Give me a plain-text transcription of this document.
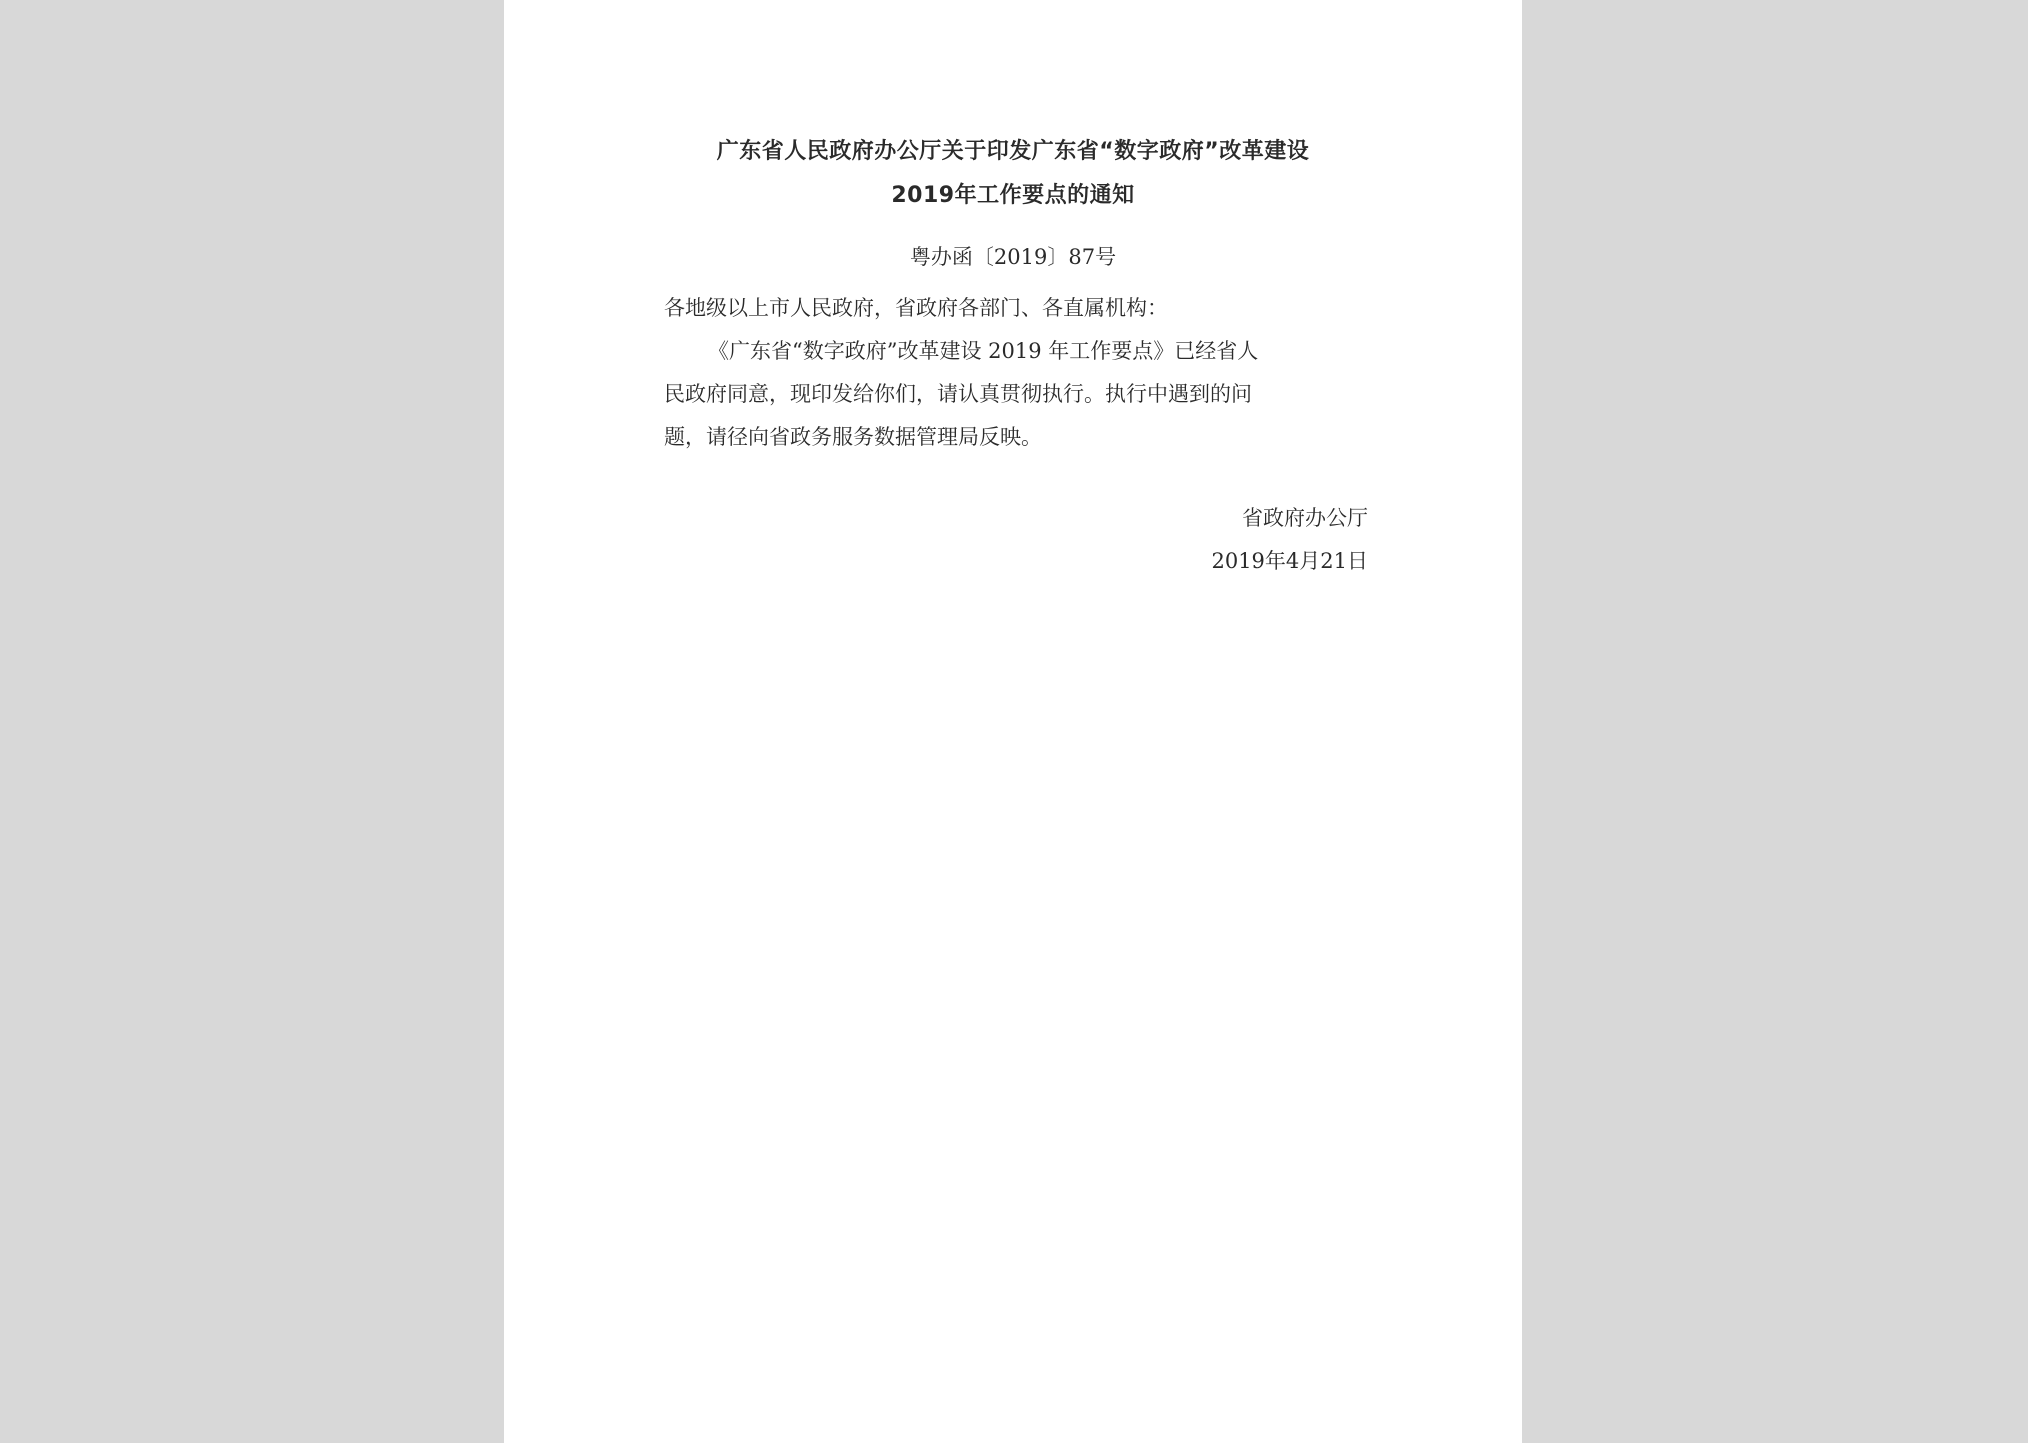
广东省人民政府办公厅关于印发广东省“数字政府”改革建设
2019年工作要点的通知
粤办函〔2019〕87号
各地级以上市人民政府，省政府各部门、各直属机构：
《广东省“数字政府”改革建设 2019 年工作要点》已经省人
民政府同意，现印发给你们，请认真贯彻执行。执行中遇到的问
题，请径向省政务服务数据管理局反映。
省政府办公厅
2019年4月21日
